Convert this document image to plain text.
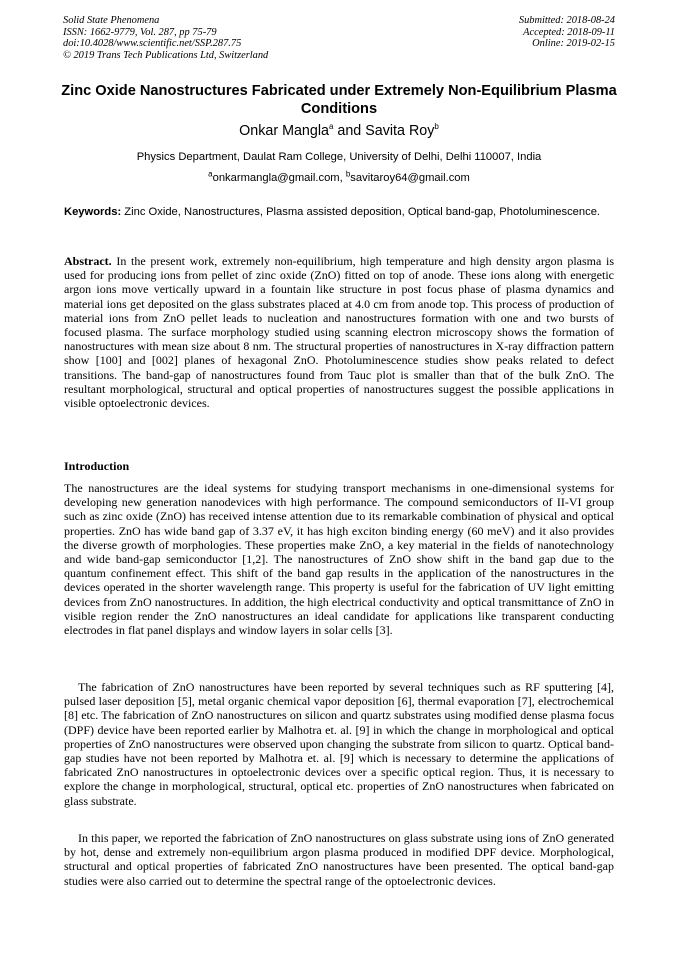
Solid State Phenomena
ISSN: 1662-9779, Vol. 287, pp 75-79
doi:10.4028/www.scientific.net/SSP.287.75
© 2019 Trans Tech Publications Ltd, Switzerland
Submitted: 2018-08-24
Accepted: 2018-09-11
Online: 2019-02-15
Zinc Oxide Nanostructures Fabricated under Extremely Non-Equilibrium Plasma Conditions
Onkar Mangla$^a$ and Savita Roy$^b$
Physics Department, Daulat Ram College, University of Delhi, Delhi 110007, India
$^a$onkarmangla@gmail.com, $^b$savitaroy64@gmail.com
Keywords: Zinc Oxide, Nanostructures, Plasma assisted deposition, Optical band-gap, Photoluminescence.
Abstract. In the present work, extremely non-equilibrium, high temperature and high density argon plasma is used for producing ions from pellet of zinc oxide (ZnO) fitted on top of anode. These ions along with energetic argon ions move vertically upward in a fountain like structure in post focus phase of plasma dynamics and material ions get deposited on the glass substrates placed at 4.0 cm from anode top. This process of production of material ions from ZnO pellet leads to nucleation and nanostructures formation with one and two bursts of focused plasma. The surface morphology studied using scanning electron microscopy shows the formation of nanostructures with mean size about 8 nm. The structural properties of nanostructures in X-ray diffraction pattern show [100] and [002] planes of hexagonal ZnO. Photoluminescence studies show peaks related to defect transitions. The band-gap of nanostructures found from Tauc plot is smaller than that of the bulk ZnO. The resultant morphological, structural and optical properties of nanostructures suggest the possible applications in visible optoelectronic devices.
Introduction
The nanostructures are the ideal systems for studying transport mechanisms in one-dimensional systems for developing new generation nanodevices with high performance. The compound semiconductors of II-VI group such as zinc oxide (ZnO) has received intense attention due to its remarkable combination of physical and optical properties. ZnO has wide band gap of 3.37 eV, it has high exciton binding energy (60 meV) and it also provides the diverse growth of morphologies. These properties make ZnO, a key material in the fields of nanotechnology and wide band-gap semiconductor [1,2]. The nanostructures of ZnO show shift in the band gap due to the quantum confinement effect. This shift of the band gap results in the application of the nanostructures in the devices operated in the shorter wavelength range. This property is useful for the fabrication of UV light emitting devices from ZnO nanostructures. In addition, the high electrical conductivity and optical transmittance of ZnO in visible region render the ZnO nanostructures an ideal candidate for applications like transparent conducting electrodes in flat panel displays and window layers in solar cells [3].
The fabrication of ZnO nanostructures have been reported by several techniques such as RF sputtering [4], pulsed laser deposition [5], metal organic chemical vapor deposition [6], thermal evaporation [7], electrochemical [8] etc. The fabrication of ZnO nanostructures on silicon and quartz substrates using modified dense plasma focus (DPF) device have been reported earlier by Malhotra et. al. [9] in which the change in morphological and optical properties of ZnO nanostructures were observed upon changing the substrate from silicon to quartz. Optical band-gap studies have not been reported by Malhotra et. al. [9] which is necessary to determine the applications of fabricated ZnO nanostructures in optoelectronic devices over a specific optical region. Thus, it is necessary to explore the change in morphological, structural, optical etc. properties of ZnO nanostructures when fabricated on glass substrate.
In this paper, we reported the fabrication of ZnO nanostructures on glass substrate using ions of ZnO generated by hot, dense and extremely non-equilibrium argon plasma produced in modified DPF device. Morphological, structural and optical properties of fabricated ZnO nanostructures have been presented. The optical band-gap studies were also carried out to determine the spectral range of the optoelectronic devices.
